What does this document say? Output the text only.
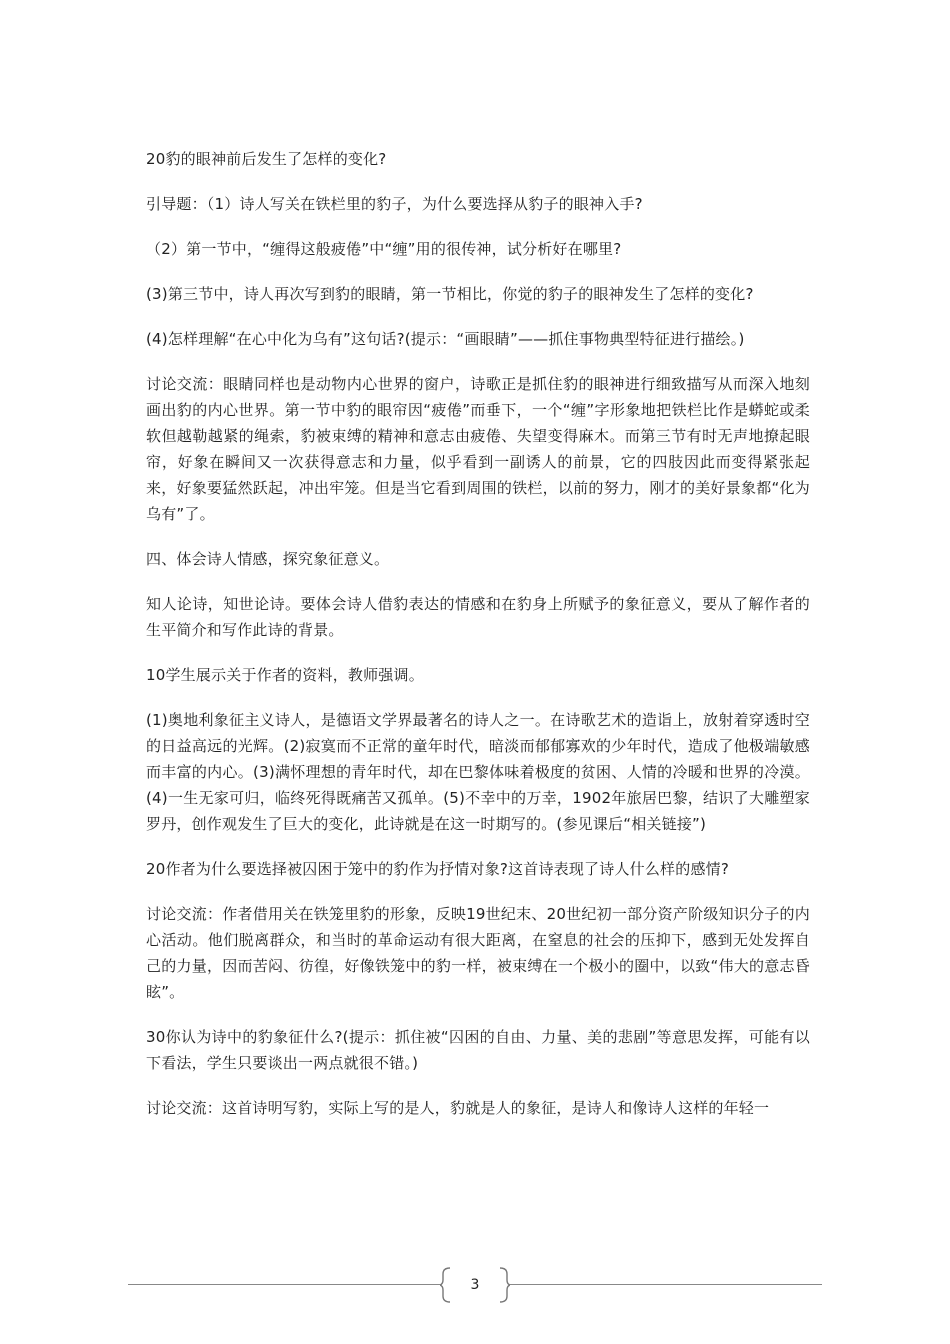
20豹的眼神前后发生了怎样的变化?

引导题：（1）诗人写关在铁栏里的豹子，为什么要选择从豹子的眼神入手?

（2）第一节中，“缠得这般疲倦”中“缠”用的很传神，试分析好在哪里?

(3)第三节中，诗人再次写到豹的眼睛，第一节相比，你觉的豹子的眼神发生了怎样的变化?

(4)怎样理解“在心中化为乌有”这句话?(提示：“画眼睛”——抓住事物典型特征进行描绘。)

讨论交流：眼睛同样也是动物内心世界的窗户，诗歌正是抓住豹的眼神进行细致描写从而深入地刻画出豹的内心世界。第一节中豹的眼帘因“疲倦”而垂下，一个“缠”字形象地把铁栏比作是蟒蛇或柔软但越勒越紧的绳索，豹被束缚的精神和意志由疲倦、失望变得麻木。而第三节有时无声地撩起眼帘，好象在瞬间又一次获得意志和力量，似乎看到一副诱人的前景，它的四肢因此而变得紧张起来，好象要猛然跃起，冲出牢笼。但是当它看到周围的铁栏，以前的努力，刚才的美好景象都“化为乌有”了。

四、体会诗人情感，探究象征意义。

知人论诗，知世论诗。要体会诗人借豹表达的情感和在豹身上所赋予的象征意义，要从了解作者的生平简介和写作此诗的背景。

10学生展示关于作者的资料，教师强调。

(1)奥地利象征主义诗人，是德语文学界最著名的诗人之一。在诗歌艺术的造诣上，放射着穿透时空的日益高远的光辉。(2)寂寞而不正常的童年时代，暗淡而郁郁寡欢的少年时代，造成了他极端敏感而丰富的内心。(3)满怀理想的青年时代，却在巴黎体味着极度的贫困、人情的冷暖和世界的冷漠。(4)一生无家可归，临终死得既痛苦又孤单。(5)不幸中的万幸，1902年旅居巴黎，结识了大雕塑家罗丹，创作观发生了巨大的变化，此诗就是在这一时期写的。(参见课后“相关链接”)

20作者为什么要选择被囚困于笼中的豹作为抒情对象?这首诗表现了诗人什么样的感情?

讨论交流：作者借用关在铁笼里豹的形象，反映19世纪末、20世纪初一部分资产阶级知识分子的内心活动。他们脱离群众，和当时的革命运动有很大距离，在窒息的社会的压抑下，感到无处发挥自己的力量，因而苦闷、彷徨，好像铁笼中的豹一样，被束缚在一个极小的圈中，以致“伟大的意志昏眩”。

30你认为诗中的豹象征什么?(提示：抓住被“囚困的自由、力量、美的悲剧”等意思发挥，可能有以下看法，学生只要谈出一两点就很不错。)

讨论交流：这首诗明写豹，实际上写的是人，豹就是人的象征，是诗人和像诗人这样的年轻一

3
